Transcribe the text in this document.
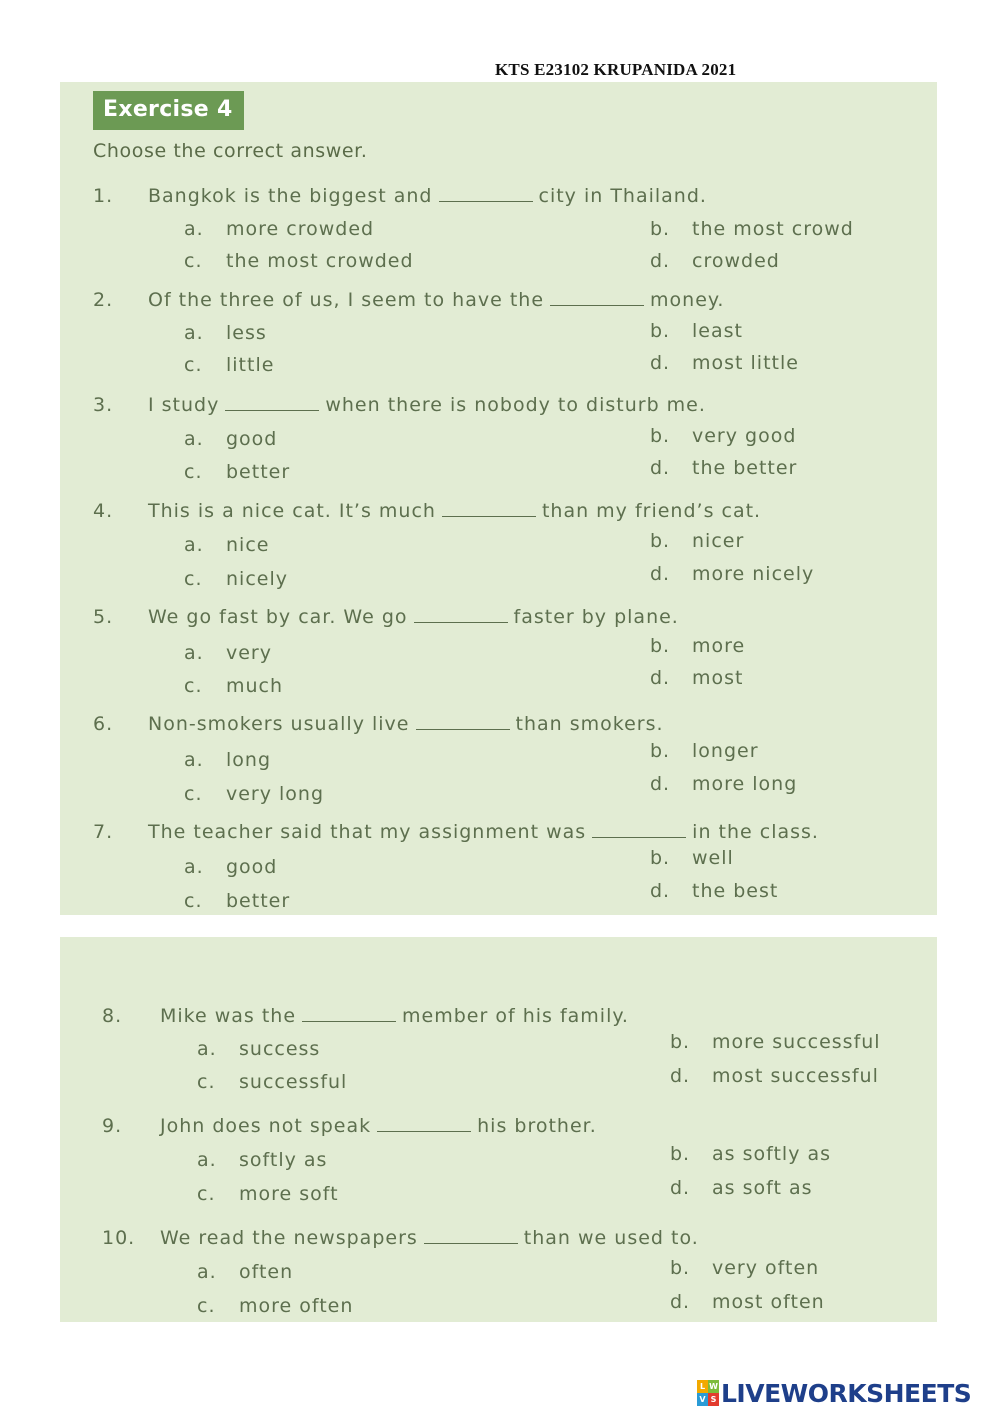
KTS E23102 KRUPANIDA 2021
Exercise 4
Choose the correct answer.
1. Bangkok is the biggest and	city in Thailand.
a. more crowded	b. the most crowd
c. the most crowded	d. crowded
2. Of the three of us, I seem to have the	money.
a. less	b. least
c. little	d. most little
3. I study	when there is nobody to disturb me.
a. good	b. very good
c. better	d. the better
4. This is a nice cat. It’s much	than my friend’s cat.
a. nice	b. nicer
c. nicely	d. more nicely
5. We go fast by car. We go	faster by plane.
a. very	b. more
c. much	d. most
6. Non-smokers usually live	than smokers.
a. long	b. longer
c. very long	d. more long
7. The teacher said that my assignment was	in the class.
a. good	b. well
c. better	d. the best
8. Mike was the	member of his family.
a. success	b. more successful
c. successful	d. most successful
9. John does not speak	his brother.
a. softly as	b. as softly as
c. more soft	d. as soft as
10. We read the newspapers	than we used to.
a. often	b. very often
c. more often	d. most often
L W
V S LIVEWORKSHEETS
